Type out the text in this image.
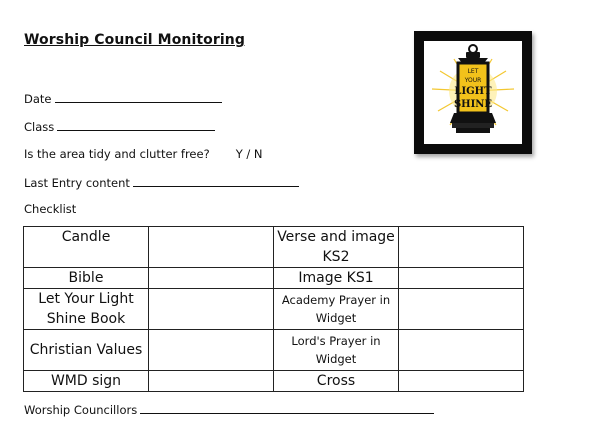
Worship Council Monitoring
Date
Class
Is the area tidy and clutter free? Y / N
Last Entry content
Checklist
LET
YOUR
LIGHT
SHINE
Candle		Verse and image KS2	
Bible		Image KS1	
Let Your Light Shine Book		Academy Prayer in Widget	
Christian Values		Lord's Prayer in Widget	
WMD sign		Cross	
Worship Councillors
